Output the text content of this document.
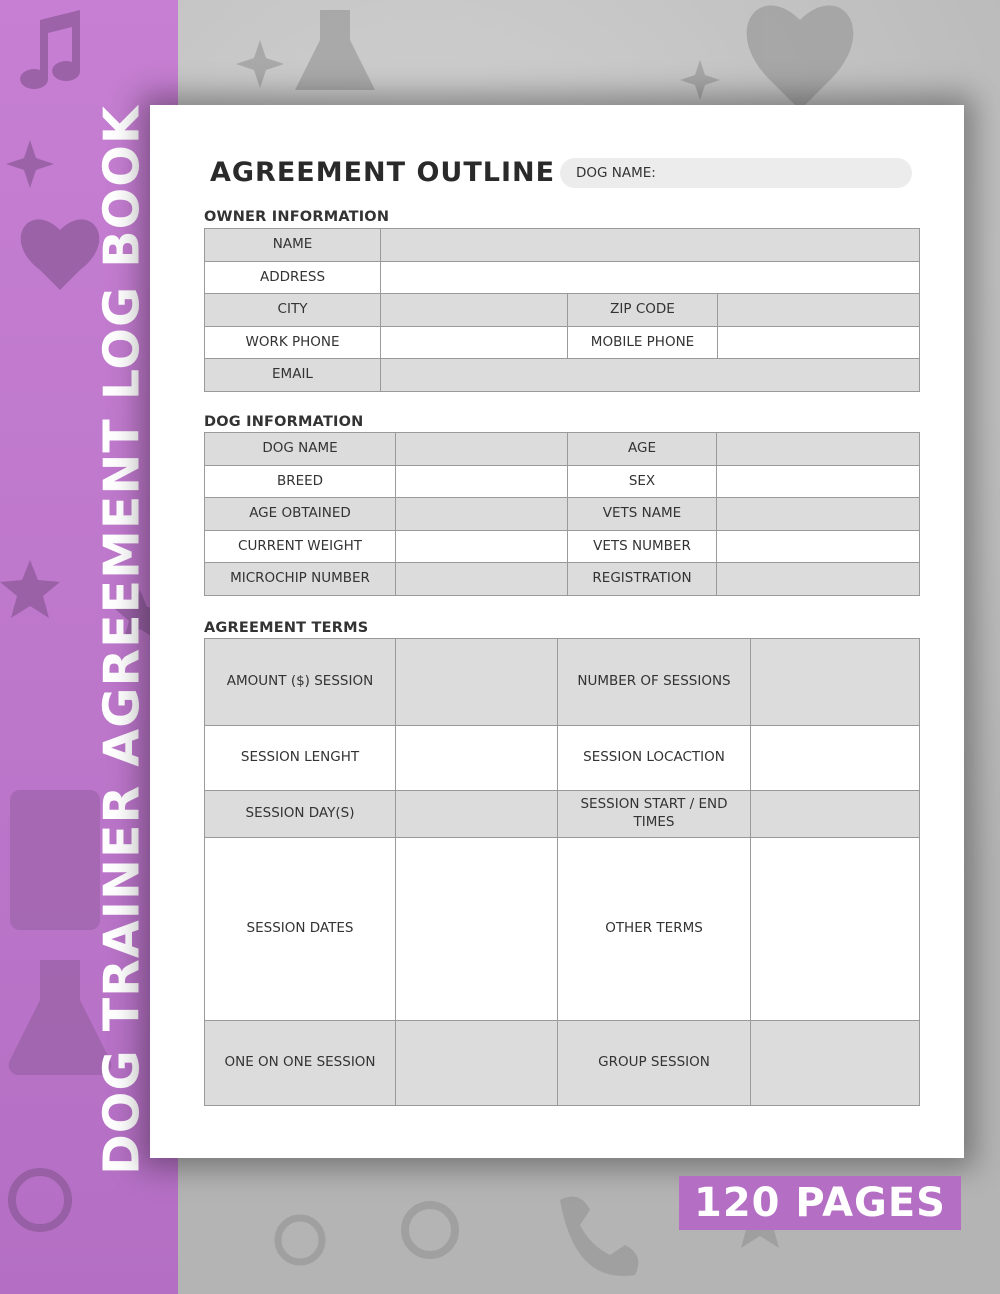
DOG TRAINER AGREEMENT LOG BOOK AGREEMENT OUTLINE	DOG NAME:
OWNER INFORMATION
NAME			
ADDRESS			
CITY		ZIP CODE	
WORK PHONE		MOBILE PHONE	
EMAIL			
DOG INFORMATION
DOG NAME		AGE	
BREED		SEX	
AGE OBTAINED		VETS NAME	
CURRENT WEIGHT		VETS NUMBER	
MICROCHIP NUMBER		REGISTRATION	
AGREEMENT TERMS
AMOUNT ($) SESSION		NUMBER OF SESSIONS	
SESSION LENGHT		SESSION LOCACTION	
SESSION DAY(S)		SESSION START / END TIMES	
SESSION DATES		OTHER TERMS	
ONE ON ONE SESSION		GROUP SESSION	
120 PAGES
